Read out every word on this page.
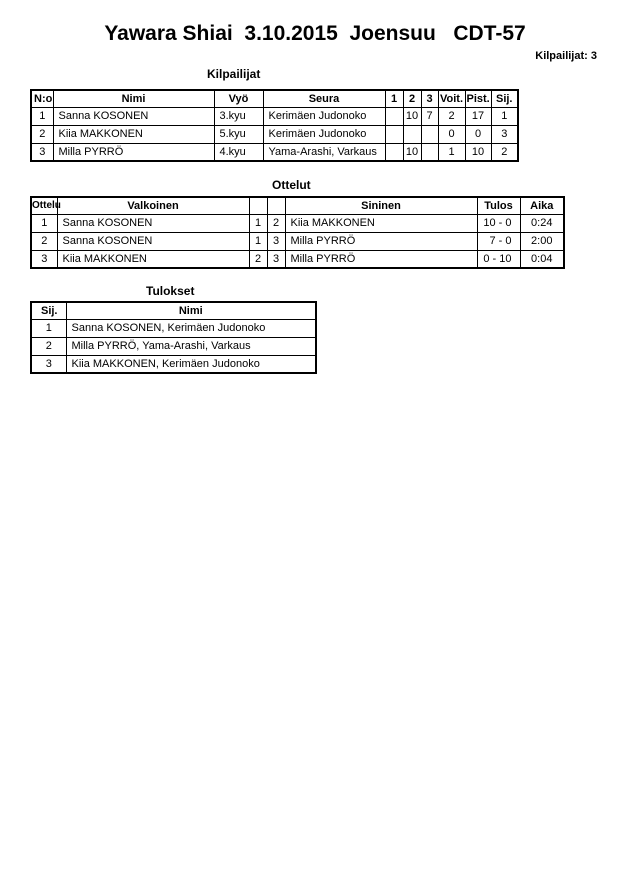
Yawara Shiai  3.10.2015  Joensuu   CDT-57
Kilpailijat: 3
Kilpailijat
N:o	Nimi	Vyö	Seura	1	2	3	Voit.	Pist.	Sij.
1	Sanna KOSONEN	3.kyu	Kerimäen Judonoko		10	7	2	17	1
2	Kiia MAKKONEN	5.kyu	Kerimäen Judonoko				0	0	3
3	Milla PYRRÖ	4.kyu	Yama-Arashi, Varkaus		10		1	10	2
Ottelut
Ottelu	Valkoinen			Sininen	Tulos	Aika
1	Sanna KOSONEN	1	2	Kiia MAKKONEN	10 - 0	0:24
2	Sanna KOSONEN	1	3	Milla PYRRÖ	7 - 0	2:00
3	Kiia MAKKONEN	2	3	Milla PYRRÖ	0 - 10	0:04
Tulokset
Sij.	Nimi
1	Sanna KOSONEN, Kerimäen Judonoko
2	Milla PYRRÖ, Yama-Arashi, Varkaus
3	Kiia MAKKONEN, Kerimäen Judonoko
